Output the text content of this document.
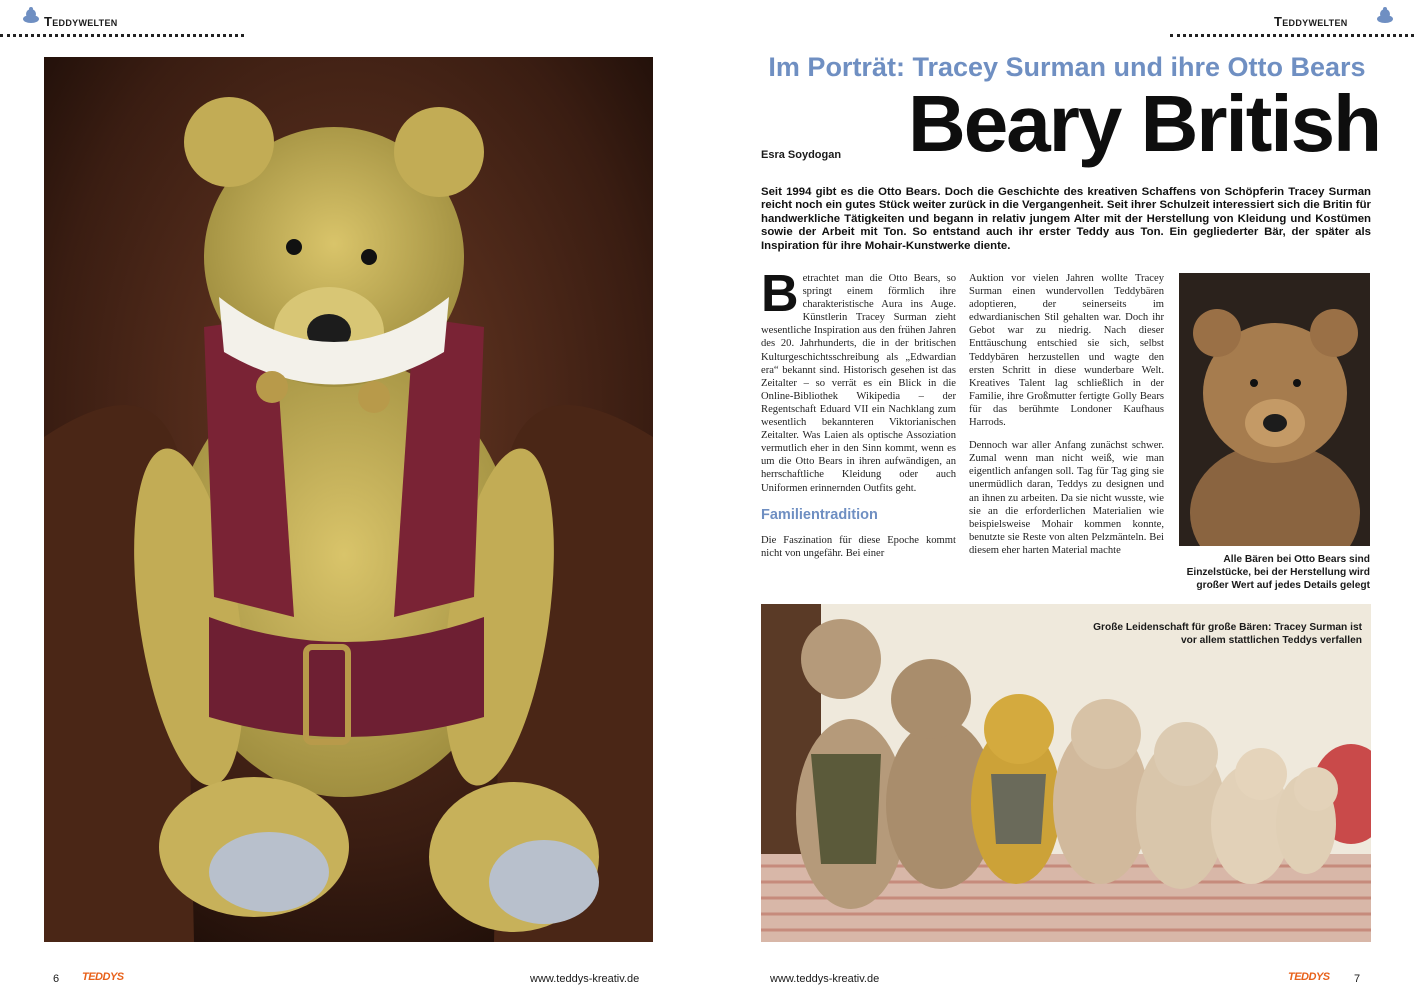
Teddywelten	Teddywelten
Im Porträt: Tracey Surman und ihre Otto Bears
Beary British
Esra Soydogan
Seit 1994 gibt es die Otto Bears. Doch die Geschichte des kreativen Schaffens von Schöpferin Tracey Surman reicht noch ein gutes Stück weiter zurück in die Vergangenheit. Seit ihrer Schulzeit interessiert sich die Britin für handwerkliche Tätigkeiten und begann in relativ jungem Alter mit der Herstellung von Kleidung und Kostümen sowie der Arbeit mit Ton. So entstand auch ihr erster Teddy aus Ton. Ein gegliederter Bär, der später als Inspiration für ihre Mohair-Kunstwerke diente.

Betrachtet man die Otto Bears, so springt einem förmlich ihre charakteristische Aura ins Auge. Künstlerin Tracey Surman zieht wesentliche Inspiration aus den frühen Jahren des 20. Jahrhunderts, die in der britischen Kulturgeschichtsschreibung als „Edwardian era“ bekannt sind. Historisch gesehen ist das Zeitalter – so verrät es ein Blick in die Online-Bibliothek Wikipedia – der Regentschaft Eduard VII ein Nachklang zum wesentlich bekannteren Viktorianischen Zeitalter. Was Laien als optische Assoziation vermutlich eher in den Sinn kommt, wenn es um die Otto Bears in ihren aufwändigen, an herrschaftliche Kleidung oder auch Uniformen erinnernden Outfits geht.

Familientradition

Die Faszination für diese Epoche kommt nicht von ungefähr. Bei einer

Auktion vor vielen Jahren wollte Tracey Surman einen wundervollen Teddybären adoptieren, der seinerseits im edwardianischen Stil gehalten war. Doch ihr Gebot war zu niedrig. Nach dieser Enttäuschung entschied sie sich, selbst Teddybären herzustellen und wagte den ersten Schritt in diese wunderbare Welt. Kreatives Talent lag schließlich in der Familie, ihre Großmutter fertigte Golly Bears für das berühmte Londoner Kaufhaus Harrods.

Dennoch war aller Anfang zunächst schwer. Zumal wenn man nicht weiß, wie man eigentlich anfangen soll. Tag für Tag ging sie unermüdlich daran, Teddys zu designen und an ihnen zu arbeiten. Da sie nicht wusste, wie sie an die erforderlichen Materialien wie beispielsweise Mohair kommen konnte, benutzte sie Reste von alten Pelzmänteln. Bei diesem eher harten Material machte

Alle Bären bei Otto Bears sind Einzelstücke, bei der Herstellung wird großer Wert auf jedes Details gelegt
Große Leidenschaft für große Bären: Tracey Surman ist vor allem stattlichen Teddys verfallen
6 TEDDYS	www.teddys-kreativ.de	www.teddys-kreativ.de	TEDDYS 7
